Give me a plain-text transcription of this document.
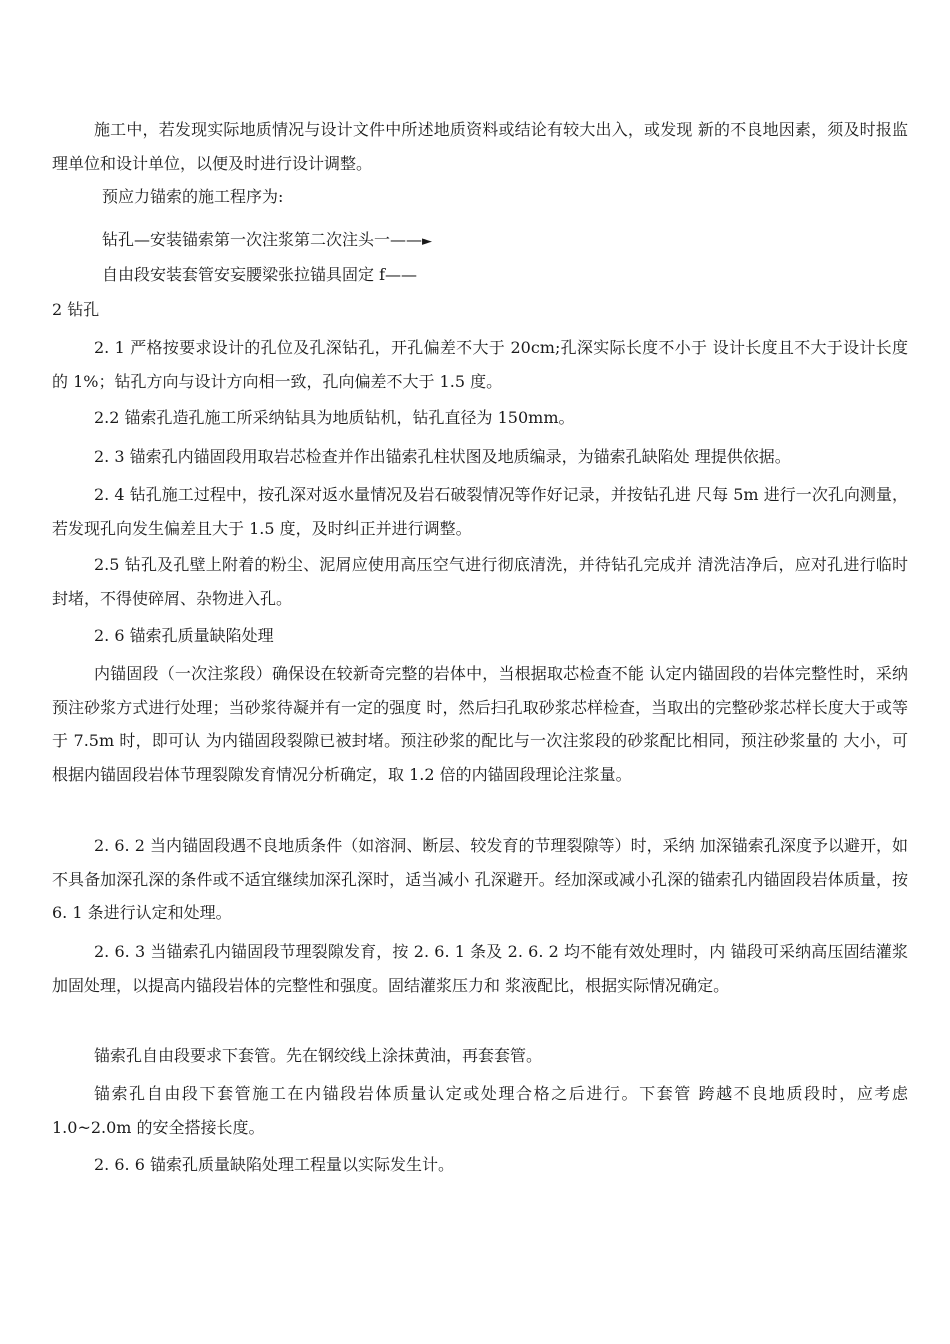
施工中，若发现实际地质情况与设计文件中所述地质资料或结论有较大出入，或发现 新的不良地因素，须及时报监理单位和设计单位，以便及时进行设计调整。

预应力锚索的施工程序为:

钻孔—安装锚索第一次注浆第二次注头一——►

自由段安装套管安妄腰梁张拉锚具固定 f——

2 钻孔

2. 1 严格按要求设计的孔位及孔深钻孔，开孔偏差不大于 20cm;孔深实际长度不小于 设计长度且不大于设计长度的 1%；钻孔方向与设计方向相一致，孔向偏差不大于 1.5 度。

2.2 锚索孔造孔施工所采纳钻具为地质钻机，钻孔直径为 150mm。

2. 3 锚索孔内锚固段用取岩芯检查并作出锚索孔柱状图及地质编录，为锚索孔缺陷处 理提供依据。

2. 4 钻孔施工过程中，按孔深对返水量情况及岩石破裂情况等作好记录，并按钻孔进 尺每 5m 进行一次孔向测量，若发现孔向发生偏差且大于 1.5 度，及时纠正并进行调整。

2.5 钻孔及孔壁上附着的粉尘、泥屑应使用高压空气进行彻底清洗，并待钻孔完成并 清洗洁净后，应对孔进行临时封堵，不得使碎屑、杂物进入孔。

2. 6 锚索孔质量缺陷处理

内锚固段（一次注浆段）确保设在较新奇完整的岩体中，当根据取芯检查不能 认定内锚固段的岩体完整性时，采纳预注砂浆方式进行处理；当砂浆待凝并有一定的强度 时，然后扫孔取砂浆芯样检查，当取出的完整砂浆芯样长度大于或等于 7.5m 时，即可认 为内锚固段裂隙已被封堵。预注砂浆的配比与一次注浆段的砂浆配比相同，预注砂浆量的 大小，可根据内锚固段岩体节理裂隙发育情况分析确定，取 1.2 倍的内锚固段理论注浆量。

2. 6. 2 当内锚固段遇不良地质条件（如溶洞、断层、较发育的节理裂隙等）时，采纳 加深锚索孔深度予以避开，如不具备加深孔深的条件或不适宜继续加深孔深时，适当减小 孔深避开。经加深或减小孔深的锚索孔内锚固段岩体质量，按 6. 1 条进行认定和处理。

2. 6. 3 当锚索孔内锚固段节理裂隙发育，按 2. 6. 1 条及 2. 6. 2 均不能有效处理时，内 锚段可采纳高压固结灌浆加固处理，以提高内锚段岩体的完整性和强度。固结灌浆压力和 浆液配比，根据实际情况确定。

锚索孔自由段要求下套管。先在钢绞线上涂抹黄油，再套套管。

锚索孔自由段下套管施工在内锚段岩体质量认定或处理合格之后进行。下套管 跨越不良地质段时，应考虑 1.0~2.0m 的安全搭接长度。

2. 6. 6 锚索孔质量缺陷处理工程量以实际发生计。
